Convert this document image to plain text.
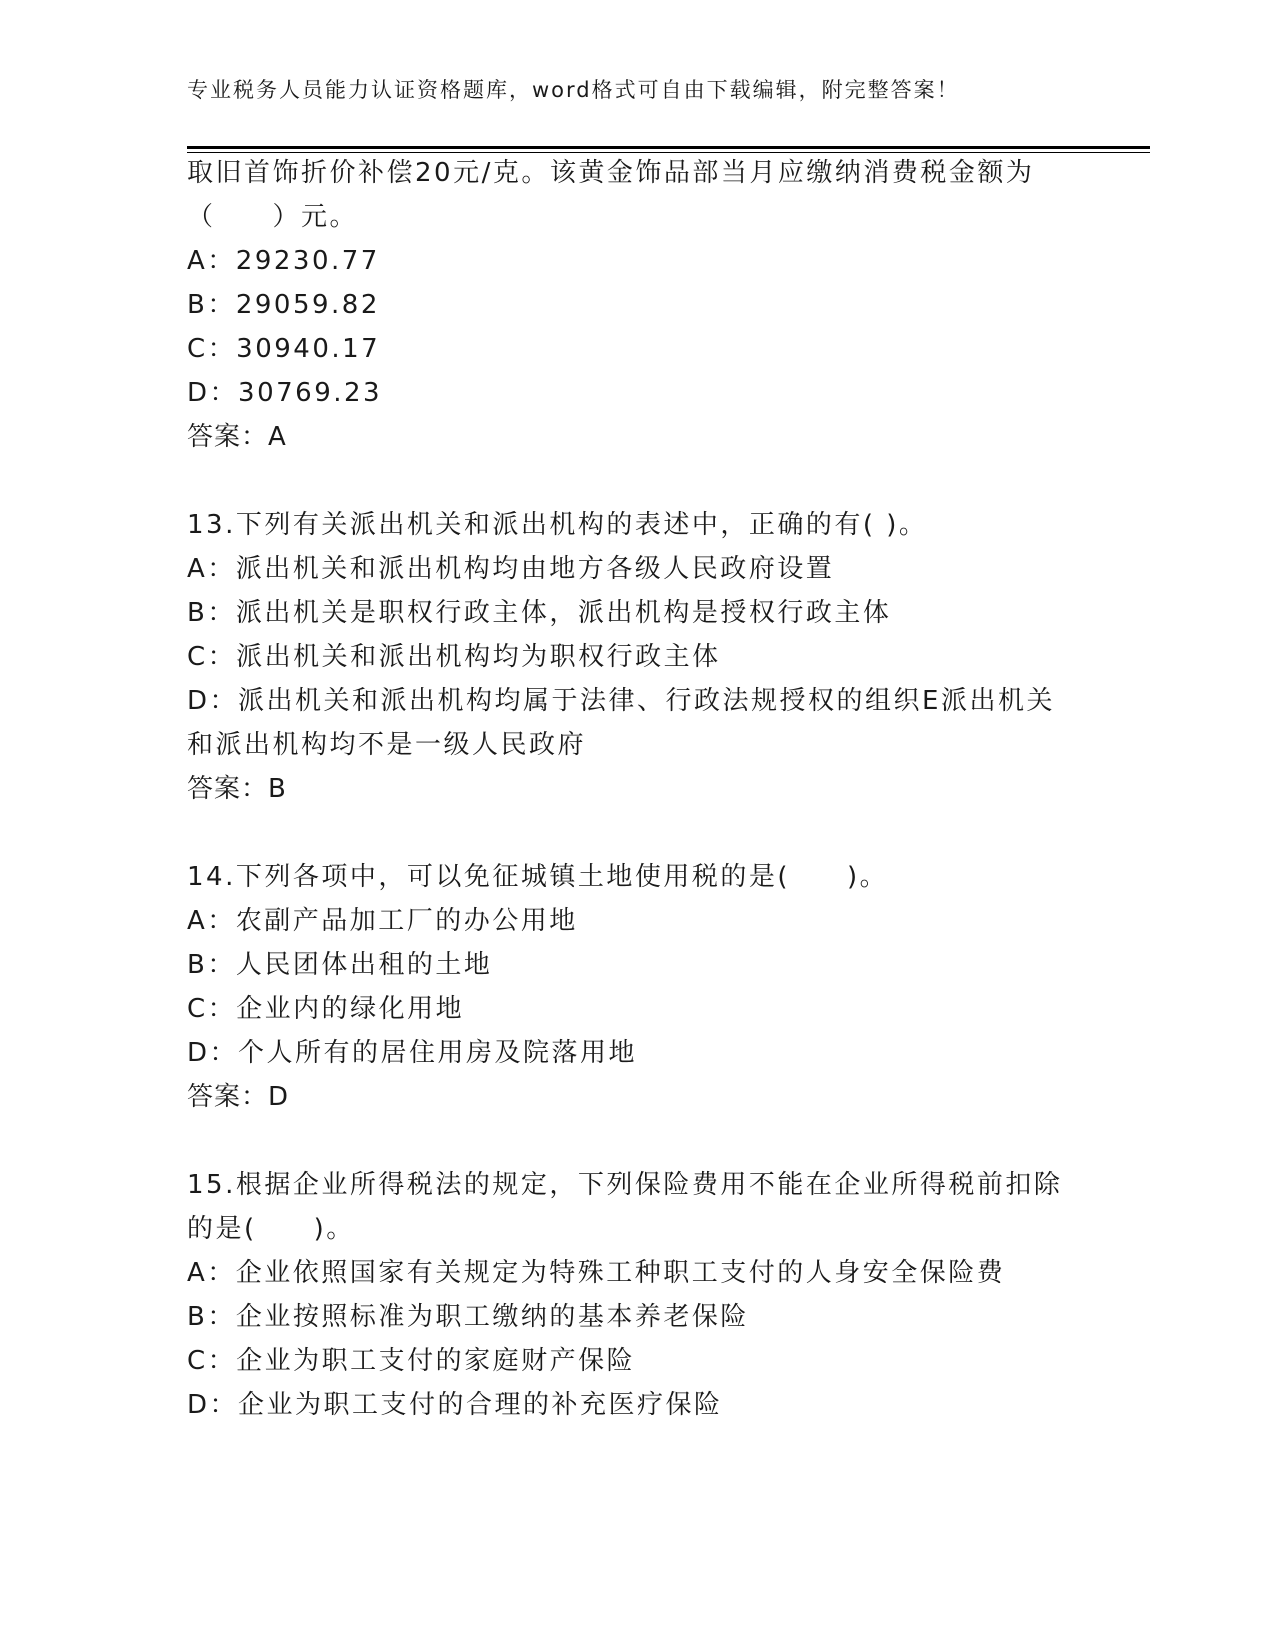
专业税务人员能力认证资格题库，word格式可自由下载编辑，附完整答案！
取旧首饰折价补偿20元/克。该黄金饰品部当月应缴纳消费税金额为
（　　）元。
A：29230.77
B：29059.82
C：30940.17
D：30769.23
答案：A
13.下列有关派出机关和派出机构的表述中，正确的有( )。
A：派出机关和派出机构均由地方各级人民政府设置
B：派出机关是职权行政主体，派出机构是授权行政主体
C：派出机关和派出机构均为职权行政主体
D：派出机关和派出机构均属于法律、行政法规授权的组织E派出机关
和派出机构均不是一级人民政府
答案：B
14.下列各项中，可以免征城镇土地使用税的是(　　)。
A：农副产品加工厂的办公用地
B：人民团体出租的土地
C：企业内的绿化用地
D：个人所有的居住用房及院落用地
答案：D
15.根据企业所得税法的规定，下列保险费用不能在企业所得税前扣除
的是(　　)。
A：企业依照国家有关规定为特殊工种职工支付的人身安全保险费
B：企业按照标准为职工缴纳的基本养老保险
C：企业为职工支付的家庭财产保险
D：企业为职工支付的合理的补充医疗保险
